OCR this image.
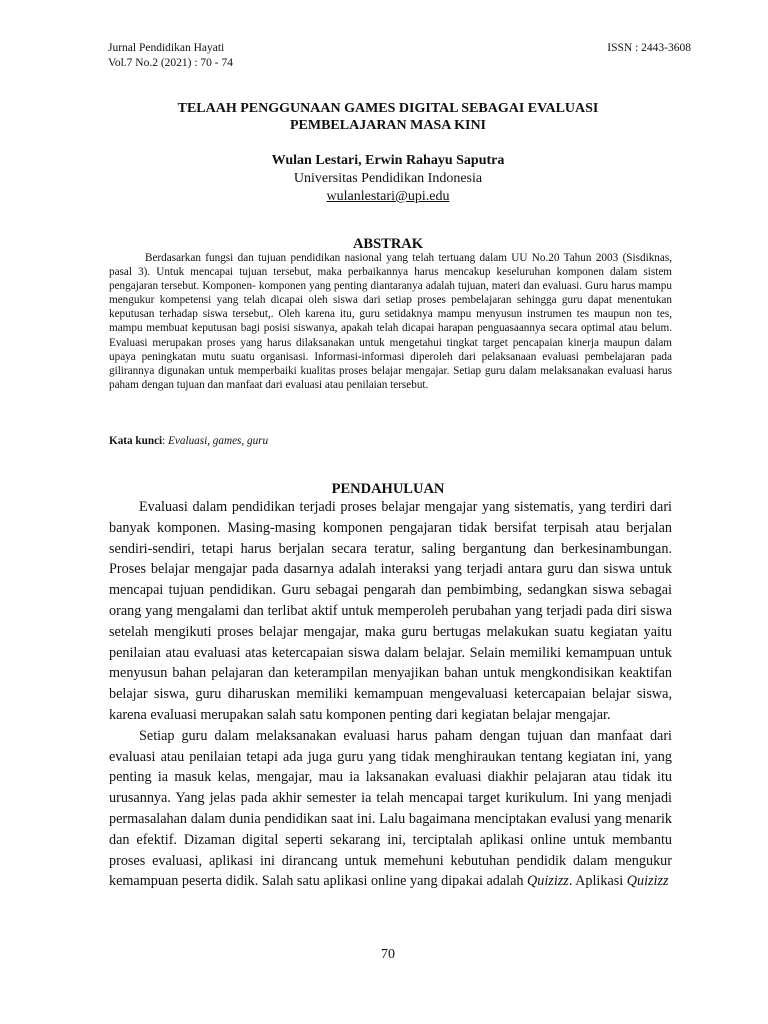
Jurnal Pendidikan Hayati
Vol.7 No.2 (2021) : 70 - 74
ISSN : 2443-3608
TELAAH PENGGUNAAN GAMES DIGITAL SEBAGAI EVALUASI
PEMBELAJARAN MASA KINI
Wulan Lestari, Erwin Rahayu Saputra
Universitas Pendidikan Indonesia
wulanlestari@upi.edu
ABSTRAK

Berdasarkan fungsi dan tujuan pendidikan nasional yang telah tertuang dalam UU No.20 Tahun 2003 (Sisdiknas, pasal 3). Untuk mencapai tujuan tersebut, maka perbaikannya harus mencakup keseluruhan komponen dalam sistem pengajaran tersebut. Komponen- komponen yang penting diantaranya adalah tujuan, materi dan evaluasi. Guru harus mampu mengukur kompetensi yang telah dicapai oleh siswa dari setiap proses pembelajaran sehingga guru dapat menentukan keputusan terhadap siswa tersebut,. Oleh karena itu, guru setidaknya mampu menyusun instrumen tes maupun non tes, mampu membuat keputusan bagi posisi siswanya, apakah telah dicapai harapan penguasaannya secara optimal atau belum. Evaluasi merupakan proses yang harus dilaksanakan untuk mengetahui tingkat target pencapaian kinerja maupun dalam upaya peningkatan mutu suatu organisasi. Informasi-informasi diperoleh dari pelaksanaan evaluasi pembelajaran pada gilirannya digunakan untuk memperbaiki kualitas proses belajar mengajar. Setiap guru dalam melaksanakan evaluasi harus paham dengan tujuan dan manfaat dari evaluasi atau penilaian tersebut.

Kata kunci: Evaluasi, games, guru
PENDAHULUAN

Evaluasi dalam pendidikan terjadi proses belajar mengajar yang sistematis, yang terdiri dari banyak komponen. Masing-masing komponen pengajaran tidak bersifat terpisah atau berjalan sendiri-sendiri, tetapi harus berjalan secara teratur, saling bergantung dan berkesinambungan. Proses belajar mengajar pada dasarnya adalah interaksi yang terjadi antara guru dan siswa untuk mencapai tujuan pendidikan. Guru sebagai pengarah dan pembimbing, sedangkan siswa sebagai orang yang mengalami dan terlibat aktif untuk memperoleh perubahan yang terjadi pada diri siswa setelah mengikuti proses belajar mengajar, maka guru bertugas melakukan suatu kegiatan yaitu penilaian atau evaluasi atas ketercapaian siswa dalam belajar. Selain memiliki kemampuan untuk menyusun bahan pelajaran dan keterampilan menyajikan bahan untuk mengkondisikan keaktifan belajar siswa, guru diharuskan memiliki kemampuan mengevaluasi ketercapaian belajar siswa, karena evaluasi merupakan salah satu komponen penting dari kegiatan belajar mengajar.

Setiap guru dalam melaksanakan evaluasi harus paham dengan tujuan dan manfaat dari evaluasi atau penilaian tetapi ada juga guru yang tidak menghiraukan tentang kegiatan ini, yang penting ia masuk kelas, mengajar, mau ia laksanakan evaluasi diakhir pelajaran atau tidak itu urusannya. Yang jelas pada akhir semester ia telah mencapai target kurikulum. Ini yang menjadi permasalahan dalam dunia pendidikan saat ini. Lalu bagaimana menciptakan evalusi yang menarik dan efektif. Dizaman digital seperti sekarang ini, terciptalah aplikasi online untuk membantu proses evaluasi, aplikasi ini dirancang untuk memehuni kebutuhan pendidik dalam mengukur kemampuan peserta didik. Salah satu aplikasi online yang dipakai adalah Quizizz. Aplikasi Quizizz

70
